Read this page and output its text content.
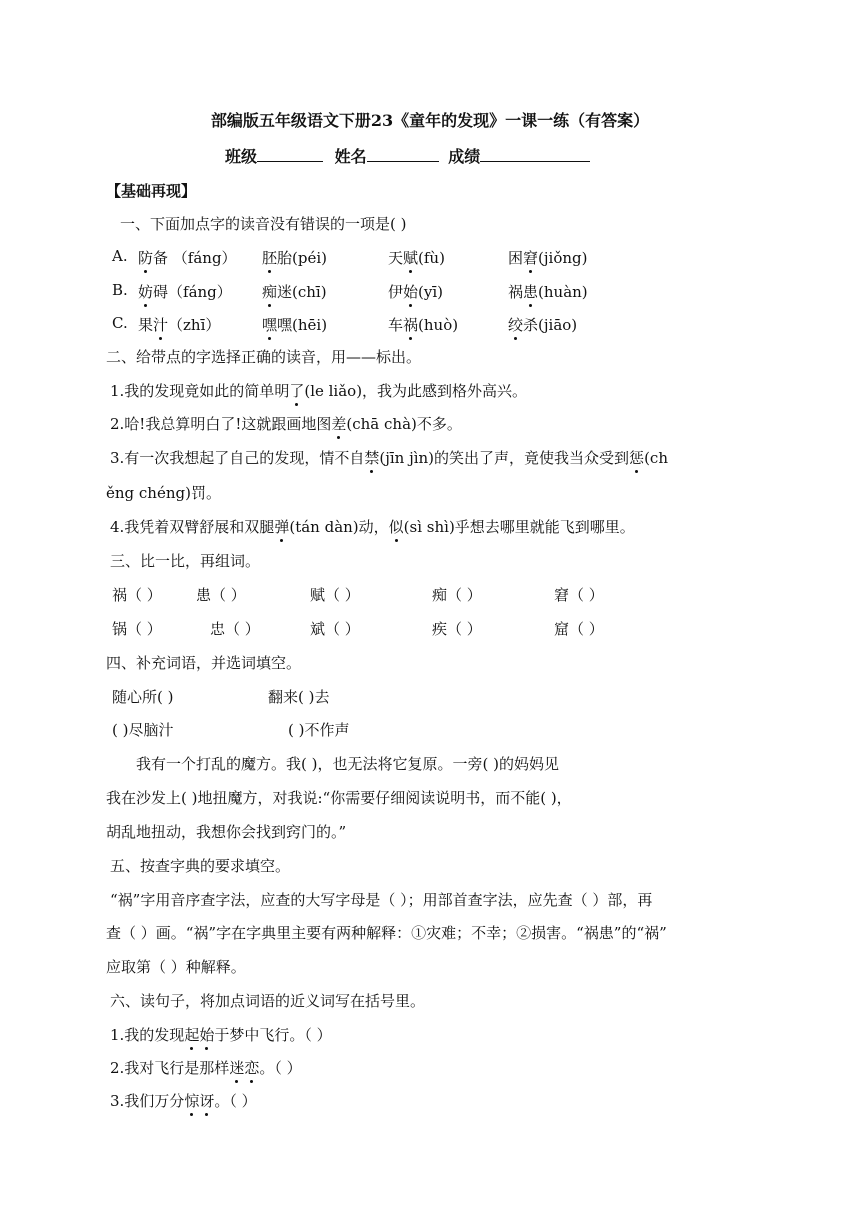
部编版五年级语文下册23《童年的发现》一课一练（有答案）
班级	姓名	成绩
【基础再现】
一、下面加点字的读音没有错误的一项是( )
A. 防备 （fáng） 胚胎(péi)	天赋(fù)	困窘(jiǒng)
B. 妨碍（fáng） 痴迷(chī)	伊始(yī)	祸患(huàn)
C. 果汁（zhī）	嘿嘿(hēi)	车祸(huò)	绞杀(jiāo)
二、给带点的字选择正确的读音，用——标出。
1.我的发现竟如此的简单明了(le liǎo)，我为此感到格外高兴。
2.哈!我总算明白了!这就跟画地图差(chā chà)不多。
3.有一次我想起了自己的发现，情不自禁(jīn jìn)的笑出了声，竟使我当众受到惩(ch
ěng chéng)罚。
4.我凭着双臂舒展和双腿弹(tán dàn)动，似(sì shì)乎想去哪里就能飞到哪里。
三、比一比，再组词。
祸（ ） 患（ ）	赋（ ）	痴（ ）	窘（ ）
锅（ ）	忠（ ）	斌（ ）	疾（ ）	窟（ ）
四、补充词语，并选词填空。
随心所( )	翻来( )去
( )尽脑汁	( )不作声
我有一个打乱的魔方。我( )，也无法将它复原。一旁( )的妈妈见
我在沙发上( )地扭魔方，对我说:“你需要仔细阅读说明书，而不能( )，
胡乱地扭动，我想你会找到窍门的。”
五、按查字典的要求填空。
“祸”字用音序查字法，应查的大写字母是（ ）；用部首查字法，应先查（ ）部，再
查（ ）画。“祸”字在字典里主要有两种解释：①灾难；不幸；②损害。“祸患”的“祸”
应取第（ ）种解释。
六、读句子，将加点词语的近义词写在括号里。
1.我的发现起始于梦中飞行。（ ）
2.我对飞行是那样迷恋。（ ）
3.我们万分惊讶。（ ）
